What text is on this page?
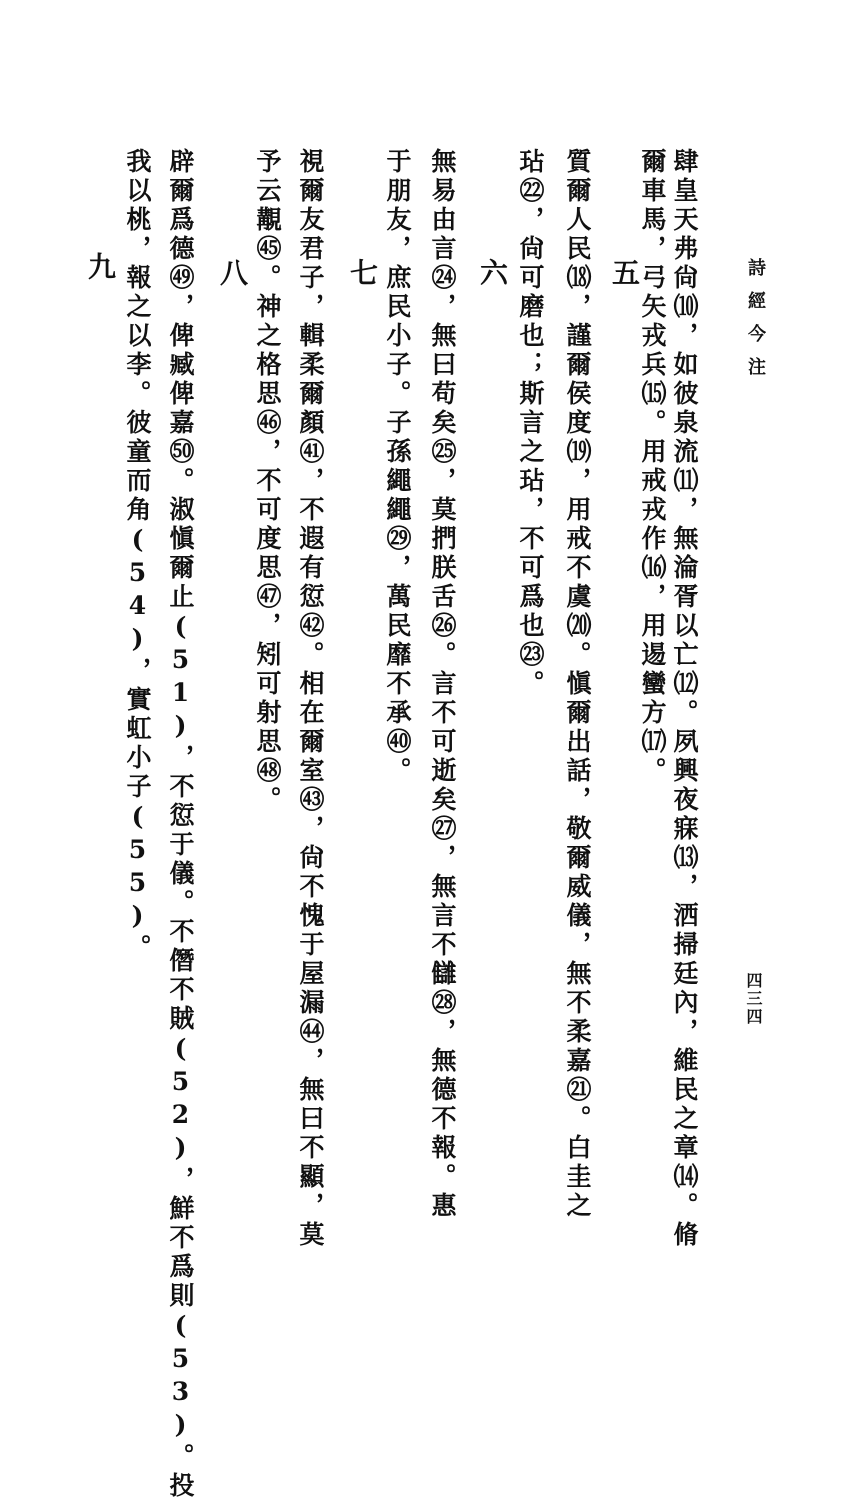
詩經今注
四三四
肆皇天弗尙⑽，如彼泉流⑾，無淪胥以亡⑿。夙興夜寐⒀，洒掃廷內，維民之章⒁。脩
爾車馬，弓矢戎兵⒂。用戒戎作⒃，用逷蠻方⒄。
五
質爾人民⒅，謹爾侯度⒆，用戒不虞⒇。愼爾出話，敬爾威儀，無不柔嘉㉑。白圭之
玷㉒，尙可磨也；斯言之玷，不可爲也㉓。
六
無易由言㉔，無曰苟矣㉕，莫捫朕舌㉖。言不可逝矣㉗，無言不讎㉘，無德不報。惠
于朋友，庶民小子。子孫繩繩㉙，萬民靡不承㊵。
七
視爾友君子，輯柔爾顏㊶，不遐有愆㊷。相在爾室㊸，尙不愧于屋漏㊹，無曰不顯，莫
予云覯㊺。神之格思㊻，不可度思㊼，矧可射思㊽。
八
辟爾爲德㊾，俾臧俾嘉㊿。淑愼爾止(51)，不愆于儀。不僭不賊(52)，鮮不爲則(53)。投
我以桃，報之以李。彼童而角(54)，實虹小子(55)。
九
